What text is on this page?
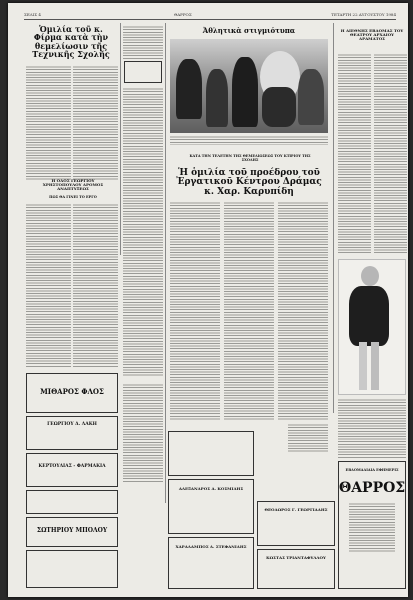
ΣΕΛΙΣ 4	ΘΑΡΡΟΣ	ΤΕΤΑΡΤΗ 22 ΑΥΓΟΥΣΤΟΥ 1984
Ὁμιλία τοῦ κ. Φίρμα κατὰ τὴν θεμελίωσιν τῆς Τεχνικῆς Σχολῆς
Η ΟΔΟΣ ΓΕΩΡΓΙΟΥ ΧΡΗΣΤΟΠΟΥΛΟΥ ΔΡΟΜΟΣ ΑΝΑΠΤΥΞΕΩΣ
ΠΩΣ ΘΑ ΓΙΝΕΙ ΤΟ ΕΡΓΟ
ΜΙΘΑΡΟΣ ΦΛΟΣ
ΓΕΩΡΓΙΟΥ Δ. ΛΑΚΗ
ΚΕΡΤΟΥΛΙΑΣ - ΦΑΡΜΑΚΙΑ
ΣΩΤΗΡΙΟΥ ΜΠΟΛΟΥ
Ἀθλητικὰ στιγμιότυπα
ΚΑΤΑ ΤΗΝ ΤΕΛΕΤΗΝ ΤΗΣ ΘΕΜΕΛΙΩΣΕΩΣ ΤΟΥ ΚΤΙΡΙΟΥ ΤΗΣ ΣΧΟΛΗΣ
Ἡ ὁμιλία τοῦ προέδρου τοῦ Ἐργατικοῦ Κέντρου Δράμας κ. Χαρ. Καρυπίδη
Η ΔΙΕΘΝΗΣ ΕΒΔΟΜΑΣ ΤΟΥ ΘΕΑΤΡΟΥ ΑΡΧΑΙΟΥ ΔΡΑΜΑΤΟΣ
ΑΛΕΞΑΝΔΡΟΣ Α. ΚΟΣΜΙΔΗΣ
ΧΑΡΑΛΑΜΠΟΣ Δ. ΣΤΕΦΑΝΙΔΗΣ
ΘΕΟΔΩΡΟΣ Γ. ΓΕΩΡΓΙΑΔΗΣ
ΚΩΣΤΑΣ ΤΡΙΑΝΤΑΦΥΛΛΟΥ
ΕΒΔΟΜΑΔΙΑΙΑ ΕΦΗΜΕΡΙΣ
ΘΑΡΡΟΣ
